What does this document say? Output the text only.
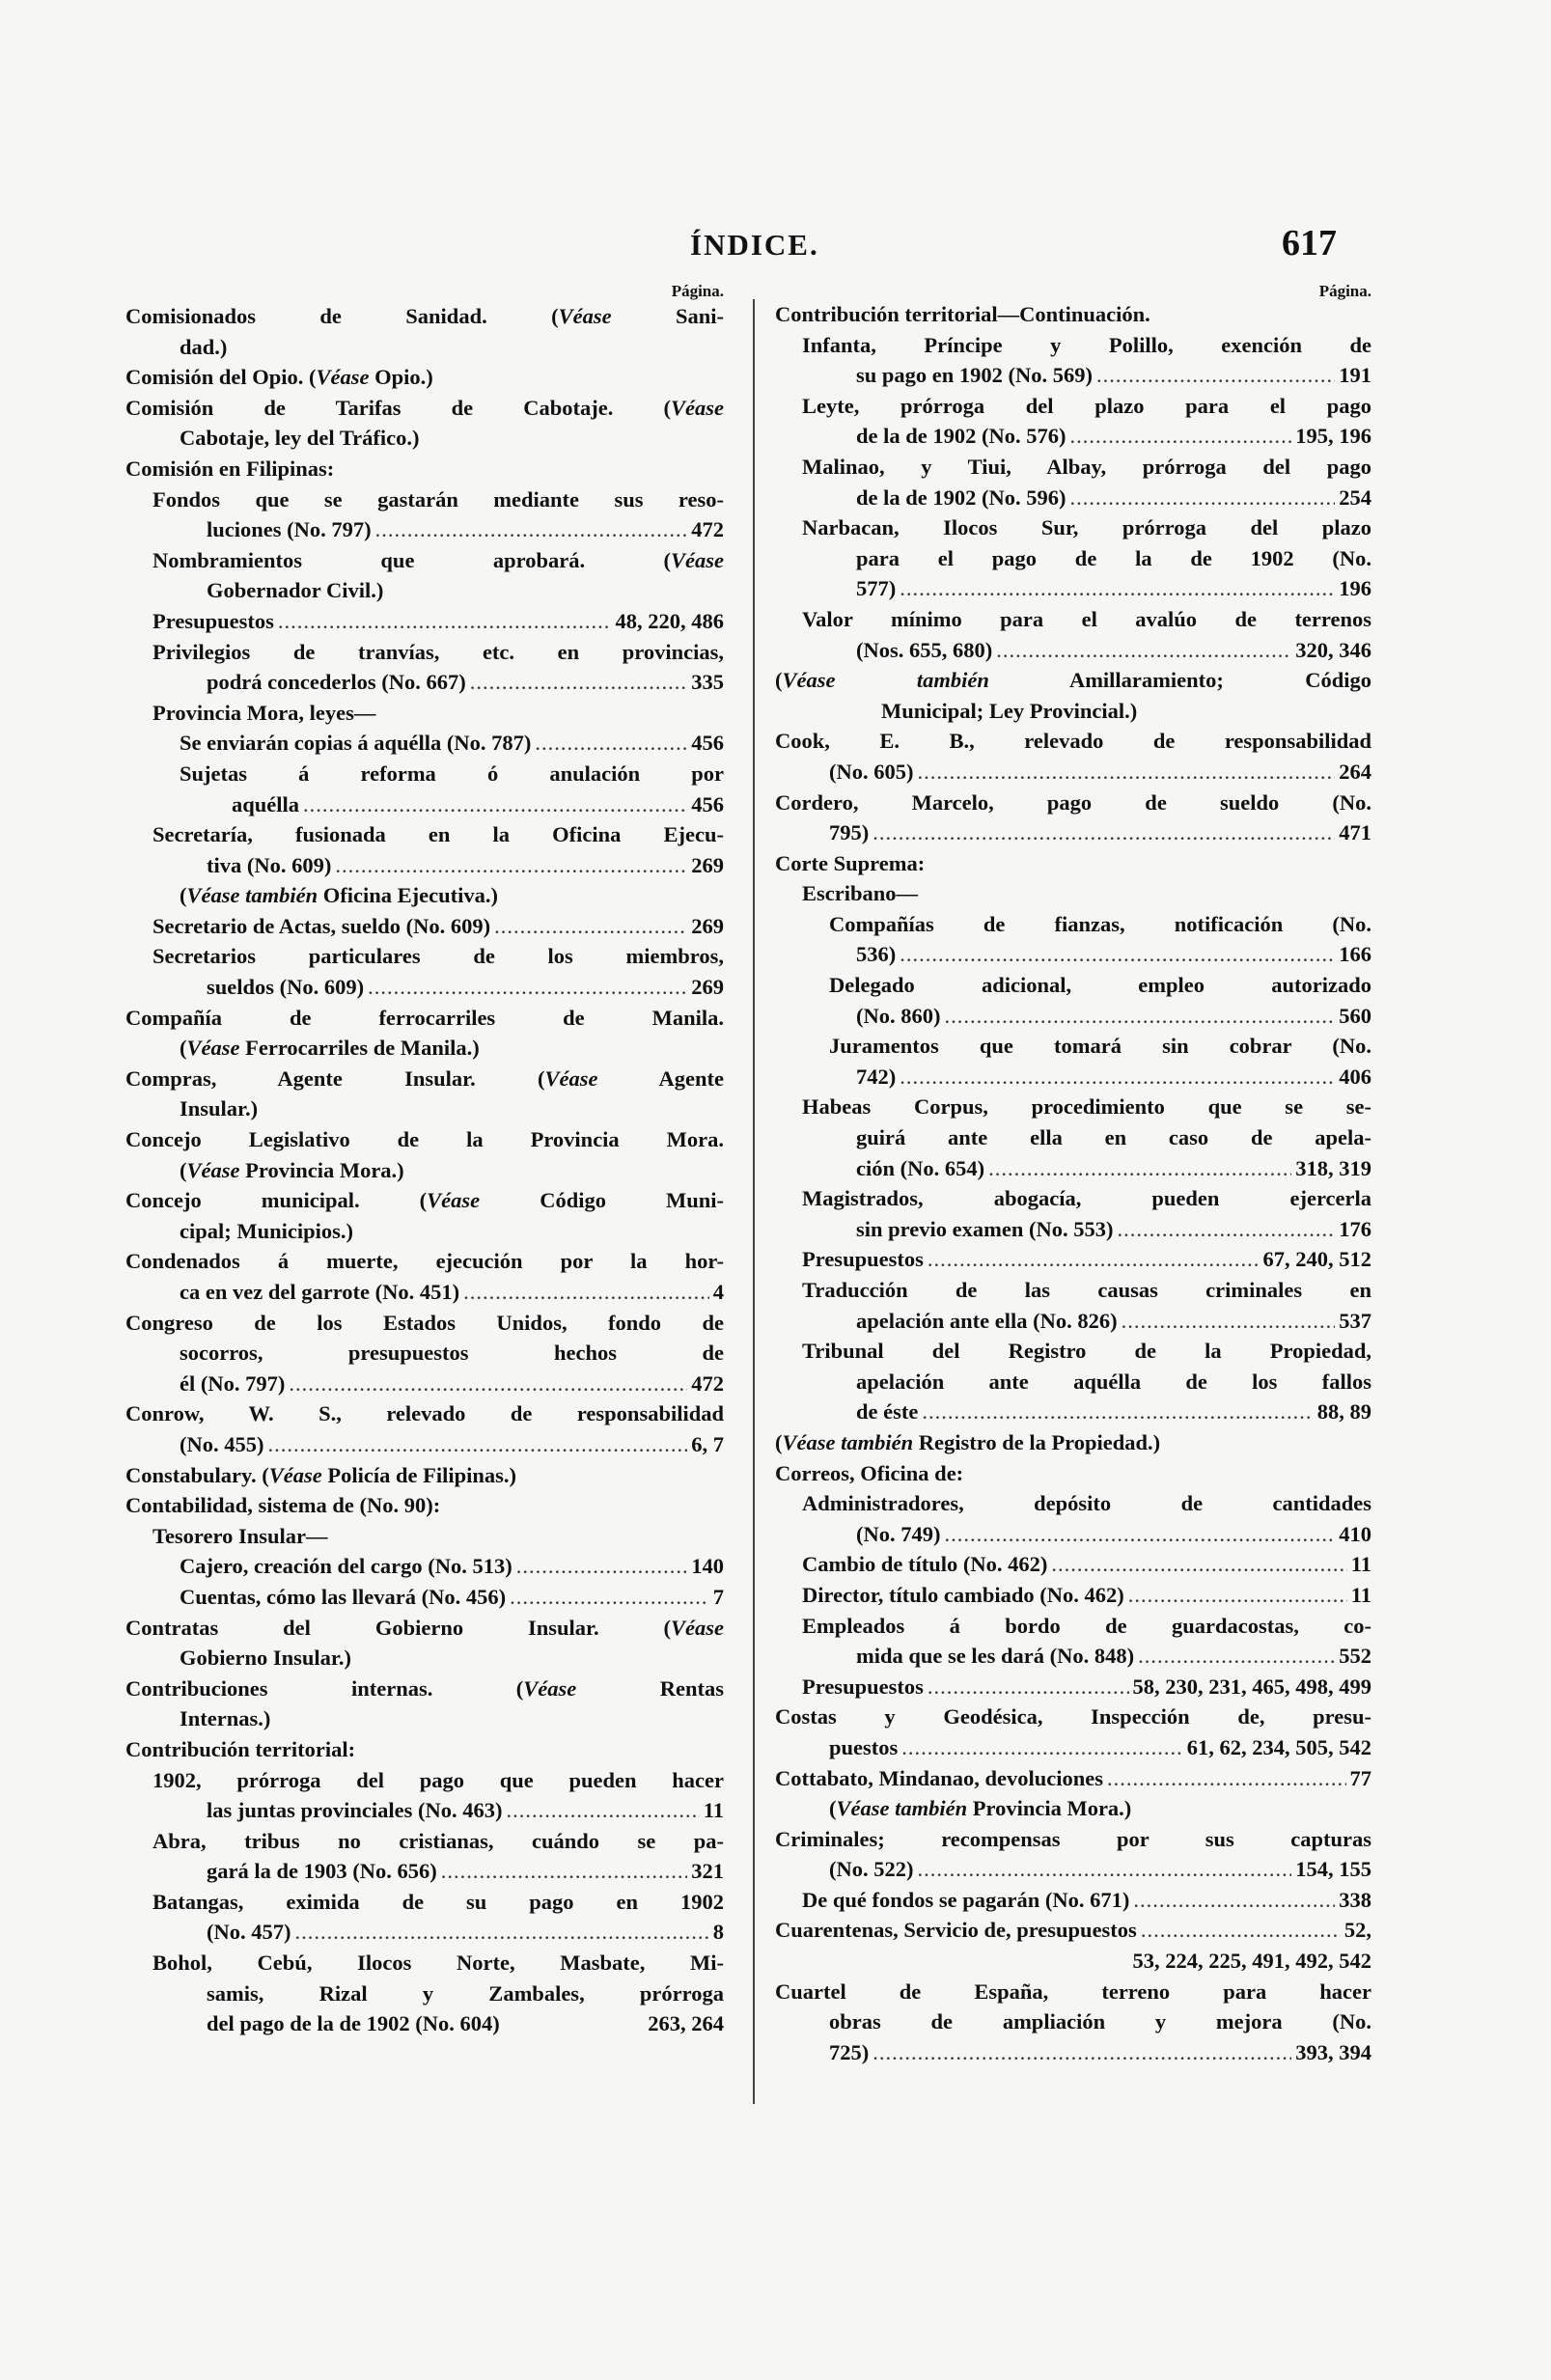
ÍNDICE.	617
Página.
Comisionados de Sanidad. (Véase Sani-
dad.)
Comisión del Opio. (Véase Opio.)
Comisión de Tarifas de Cabotaje. (Véase
Cabotaje, ley del Tráfico.)
Comisión en Filipinas:
Fondos que se gastarán mediante sus reso-
luciones (No. 797) .....	472
Nombramientos que aprobará. (Véase
Gobernador Civil.)
Presupuestos .....	48, 220, 486
Privilegios de tranvías, etc. en provincias,
podrá concederlos (No. 667) .....	335
Provincia Mora, leyes—
Se enviarán copias á aquélla (No. 787) .....	456
Sujetas á reforma ó anulación por
aquélla .....	456
Secretaría, fusionada en la Oficina Ejecu-
tiva (No. 609) .....	269
(Véase también Oficina Ejecutiva.)
Secretario de Actas, sueldo (No. 609) .....	269
Secretarios particulares de los miembros,
sueldos (No. 609) .....	269
Compañía de ferrocarriles de Manila.
(Véase Ferrocarriles de Manila.)
Compras, Agente Insular. (Véase Agente
Insular.)
Concejo Legislativo de la Provincia Mora.
(Véase Provincia Mora.)
Concejo municipal. (Véase Código Muni-
cipal; Municipios.)
Condenados á muerte, ejecución por la hor-
ca en vez del garrote (No. 451) .....	4
Congreso de los Estados Unidos, fondo de
socorros, presupuestos hechos de
él (No. 797) .....	472
Conrow, W. S., relevado de responsabilidad
(No. 455) .....	6, 7
Constabulary. (Véase Policía de Filipinas.)
Contabilidad, sistema de (No. 90):
Tesorero Insular—
Cajero, creación del cargo (No. 513) .....	140
Cuentas, cómo las llevará (No. 456) .....	7
Contratas del Gobierno Insular. (Véase
Gobierno Insular.)
Contribuciones internas. (Véase Rentas
Internas.)
Contribución territorial:
1902, prórroga del pago que pueden hacer
las juntas provinciales (No. 463) .....	11
Abra, tribus no cristianas, cuándo se pa-
gará la de 1903 (No. 656) .....	321
Batangas, eximida de su pago en 1902
(No. 457) .....	8
Bohol, Cebú, Ilocos Norte, Masbate, Mi-
samis, Rizal y Zambales, prórroga
del pago de la de 1902 (No. 604)	263, 264
Página.
Contribución territorial—Continuación.
Infanta, Príncipe y Polillo, exención de
su pago en 1902 (No. 569) .....	191
Leyte, prórroga del plazo para el pago
de la de 1902 (No. 576) .....	195, 196
Malinao, y Tiui, Albay, prórroga del pago
de la de 1902 (No. 596) .....	254
Narbacan, Ilocos Sur, prórroga del plazo
para el pago de la de 1902 (No.
577) .....	196
Valor mínimo para el avalúo de terrenos
(Nos. 655, 680) .....	320, 346
(Véase también Amillaramiento; Código
Municipal; Ley Provincial.)
Cook, E. B., relevado de responsabilidad
(No. 605) .....	264
Cordero, Marcelo, pago de sueldo (No.
795) .....	471
Corte Suprema:
Escribano—
Compañías de fianzas, notificación (No.
536) .....	166
Delegado adicional, empleo autorizado
(No. 860) .....	560
Juramentos que tomará sin cobrar (No.
742) .....	406
Habeas Corpus, procedimiento que se se-
guirá ante ella en caso de apela-
ción (No. 654) .....	318, 319
Magistrados, abogacía, pueden ejercerla
sin previo examen (No. 553) .....	176
Presupuestos .....	67, 240, 512
Traducción de las causas criminales en
apelación ante ella (No. 826) .....	537
Tribunal del Registro de la Propiedad,
apelación ante aquélla de los fallos
de éste .....	88, 89
(Véase también Registro de la Propiedad.)
Correos, Oficina de:
Administradores, depósito de cantidades
(No. 749) .....	410
Cambio de título (No. 462) .....	11
Director, título cambiado (No. 462) .....	11
Empleados á bordo de guardacostas, co-
mida que se les dará (No. 848) .....	552
Presupuestos .....	58, 230, 231, 465, 498, 499
Costas y Geodésica, Inspección de, presu-
puestos .....	61, 62, 234, 505, 542
Cottabato, Mindanao, devoluciones .....	77
(Véase también Provincia Mora.)
Criminales; recompensas por sus capturas
(No. 522) .....	154, 155
De qué fondos se pagarán (No. 671) .....	338
Cuarentenas, Servicio de, presupuestos .....	52,
53, 224, 225, 491, 492, 542
Cuartel de España, terreno para hacer
obras de ampliación y mejora (No.
725) .....	393, 394
